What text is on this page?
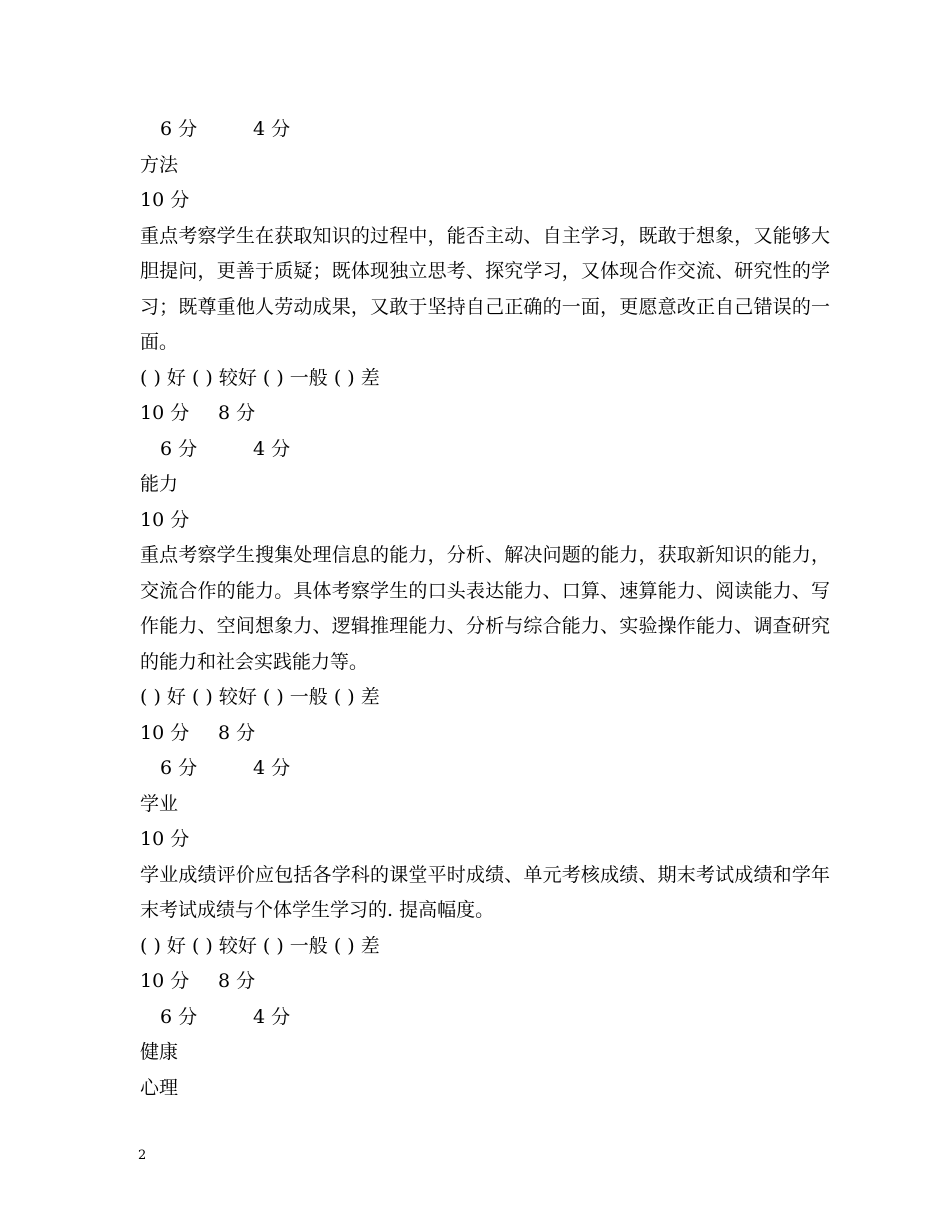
6 分	4 分
方法
10 分
重点考察学生在获取知识的过程中，能否主动、自主学习，既敢于想象，又能够大胆提问，更善于质疑；既体现独立思考、探究学习，又体现合作交流、研究性的学习；既尊重他人劳动成果，又敢于坚持自己正确的一面，更愿意改正自己错误的一面。
( ) 好 ( ) 较好 ( ) 一般 ( ) 差
10 分 8 分
6 分	4 分
能力
10 分
重点考察学生搜集处理信息的能力，分析、解决问题的能力，获取新知识的能力，交流合作的能力。具体考察学生的口头表达能力、口算、速算能力、阅读能力、写作能力、空间想象力、逻辑推理能力、分析与综合能力、实验操作能力、调查研究的能力和社会实践能力等。
( ) 好 ( ) 较好 ( ) 一般 ( ) 差
10 分 8 分
6 分	4 分
学业
10 分
学业成绩评价应包括各学科的课堂平时成绩、单元考核成绩、期末考试成绩和学年末考试成绩与个体学生学习的. 提高幅度。
( ) 好 ( ) 较好 ( ) 一般 ( ) 差
10 分 8 分
6 分	4 分
健康
心理
2
